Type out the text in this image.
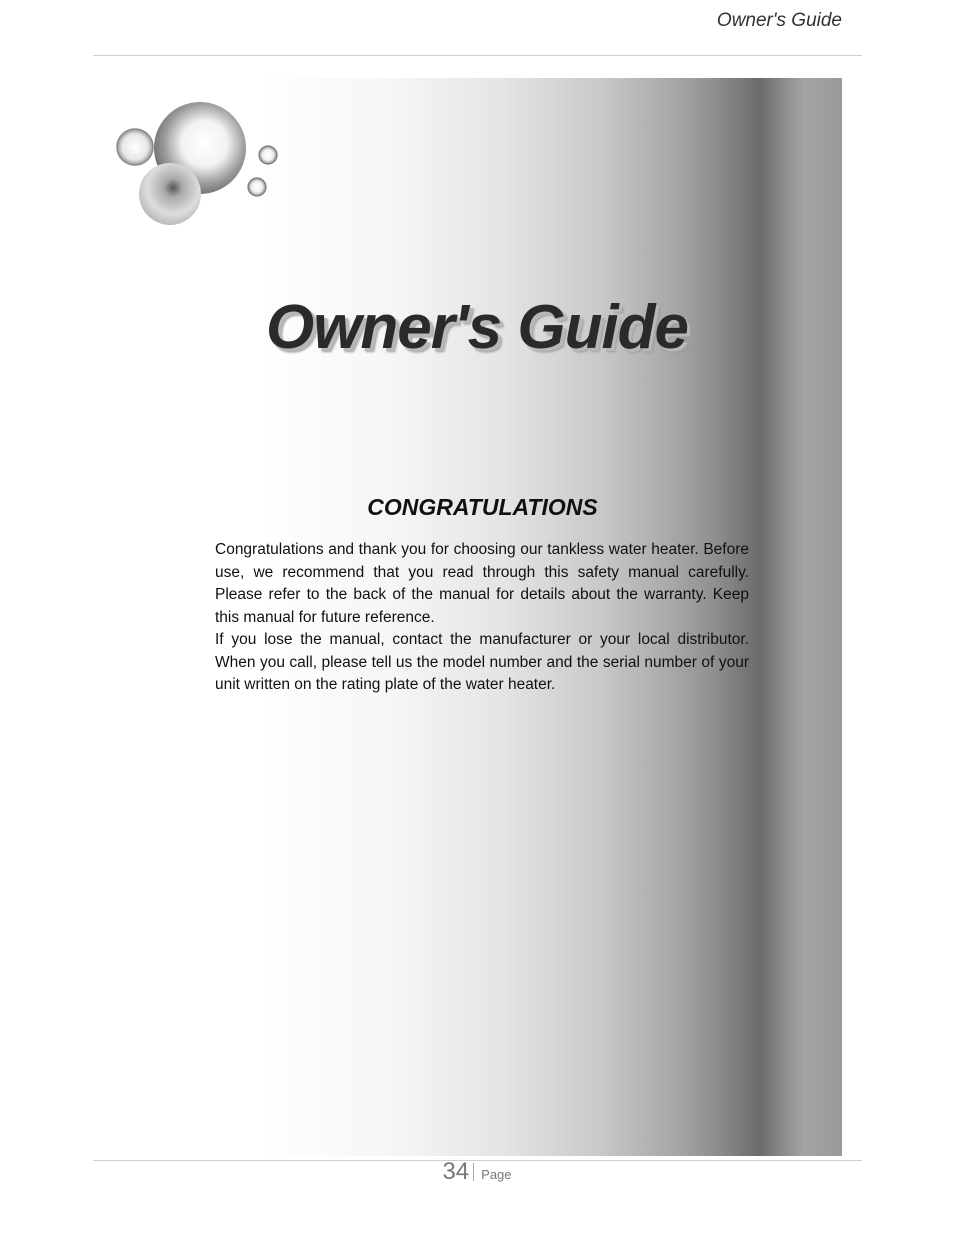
Owner's Guide
Owner's Guide
CONGRATULATIONS

Congratulations and thank you for choosing our tankless water heater. Before use, we recommend that you read through this safety manual carefully. Please refer to the back of the manual for details about the warranty. Keep this manual for future reference.

If you lose the manual, contact the manufacturer or your local distributor. When you call, please tell us the model number and the serial number of your unit written on the rating plate of the water heater.

34 Page
